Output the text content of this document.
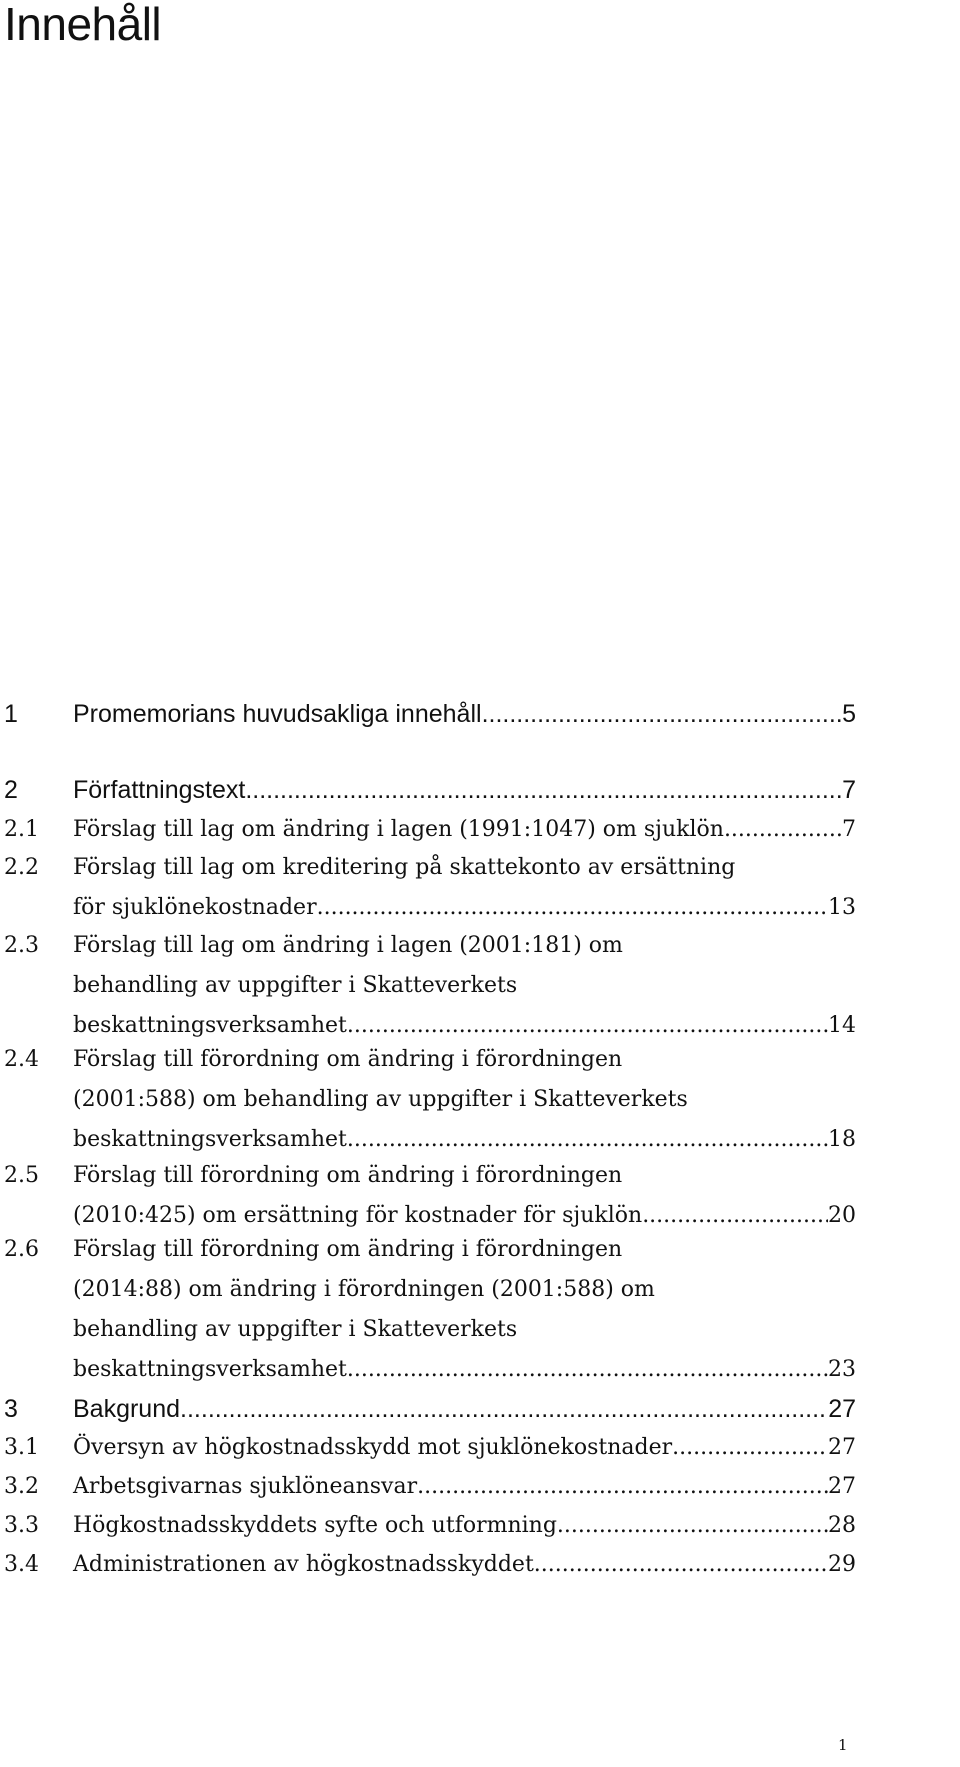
Innehåll
1 Promemorians huvudsakliga innehåll .....	5
2 Författningstext .....	7
2.1 Förslag till lag om ändring i lagen (1991:1047) om sjuklön .....	7
2.2 Förslag till lag om kreditering på skattekonto av ersättning
för sjuklönekostnader .....	13
2.3 Förslag till lag om ändring i lagen (2001:181) om
behandling av uppgifter i Skatteverkets
beskattningsverksamhet .....	14
2.4 Förslag till förordning om ändring i förordningen
(2001:588) om behandling av uppgifter i Skatteverkets
beskattningsverksamhet .....	18
2.5 Förslag till förordning om ändring i förordningen
(2010:425) om ersättning för kostnader för sjuklön .....	20
2.6 Förslag till förordning om ändring i förordningen
(2014:88) om ändring i förordningen (2001:588) om
behandling av uppgifter i Skatteverkets
beskattningsverksamhet .....	23
3 Bakgrund .....	27
3.1 Översyn av högkostnadsskydd mot sjuklönekostnader .....	27
3.2 Arbetsgivarnas sjuklöneansvar .....	27
3.3 Högkostnadsskyddets syfte och utformning .....	28
3.4 Administrationen av högkostnadsskyddet .....	29
1
